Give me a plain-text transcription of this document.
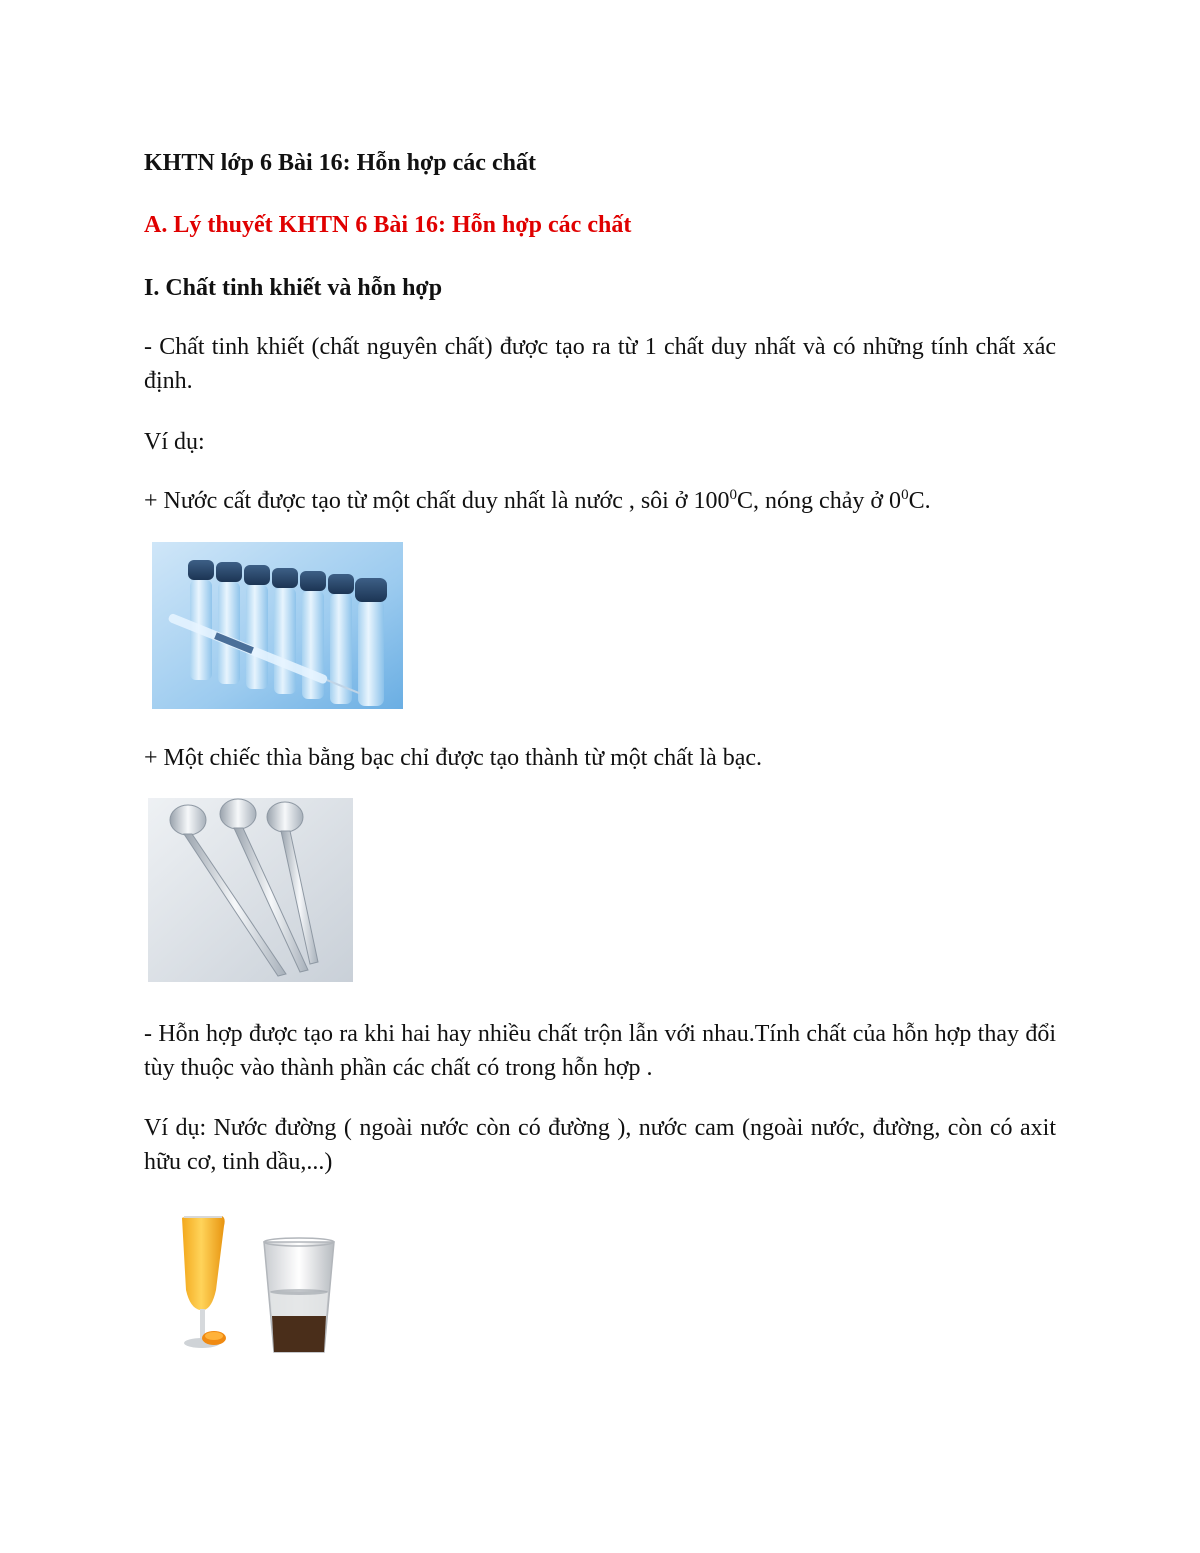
KHTN lớp 6 Bài 16: Hỗn hợp các chất

A. Lý thuyết KHTN 6 Bài 16: Hỗn hợp các chất

I. Chất tinh khiết và hỗn hợp

- Chất tinh khiết (chất nguyên chất) được tạo ra từ 1 chất duy nhất và có những tính chất xác định.

Ví dụ:

+ Nước cất được tạo từ một chất duy nhất là nước , sôi ở $100^0C$, nóng chảy ở $0^0C$.

+ Một chiếc thìa bằng bạc chỉ được tạo thành từ một chất là bạc.

- Hỗn hợp được tạo ra khi hai hay nhiều chất trộn lẫn với nhau.Tính chất của hỗn hợp thay đổi tùy thuộc vào thành phần các chất có trong hỗn hợp .

Ví dụ: Nước đường ( ngoài nước còn có đường ), nước cam (ngoài nước, đường, còn có axit hữu cơ, tinh dầu,...)
